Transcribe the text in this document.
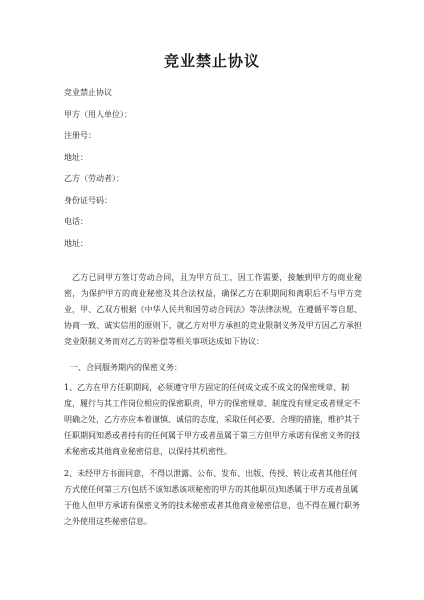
竞业禁止协议
竞业禁止协议
甲方（用人单位）：
注册号：
地址：
乙方（劳动者）：
身份证号码：
电话：
地址：

乙方已同甲方签订劳动合同，且为甲方员工，因工作需要，接触到甲方的商业秘密，为保护甲方的商业秘密及其合法权益，确保乙方在职期间和离职后不与甲方竞业，甲、乙双方根据《中华人民共和国劳动合同法》等法律法规，在遵循平等自愿、协商一致、诚实信用的原则下，就乙方对甲方承担的竞业限制义务及甲方因乙方承担竞业限制义务而对乙方的补偿等相关事项达成如下协议：

一、合同服务期内的保密义务：

1、乙方在甲方任职期间，必须遵守甲方固定的任何成文或不成文的保密规章、制度，履行与其工作岗位相应的保密职责，甲方的保密规章、制度没有规定或者规定不明确之处，乙方亦应本着谨慎、诚信的态度，采取任何必要、合理的措施，维护其于任职期间知悉或者持有的任何属于甲方或者虽属于第三方但甲方承诺有保密义务的技术秘密或其他商业秘密信息，以保持其机密性。

2、未经甲方书面同意，不得以泄露、公布、发布、出版、传授、转让或者其他任何方式使任何第三方(包括不该知悉该项秘密的甲方的其他职员)知悉属于甲方或者虽属于他人但甲方承诺有保密义务的技术秘密或者其他商业秘密信息，也不得在履行职务之外使用这些秘密信息。
